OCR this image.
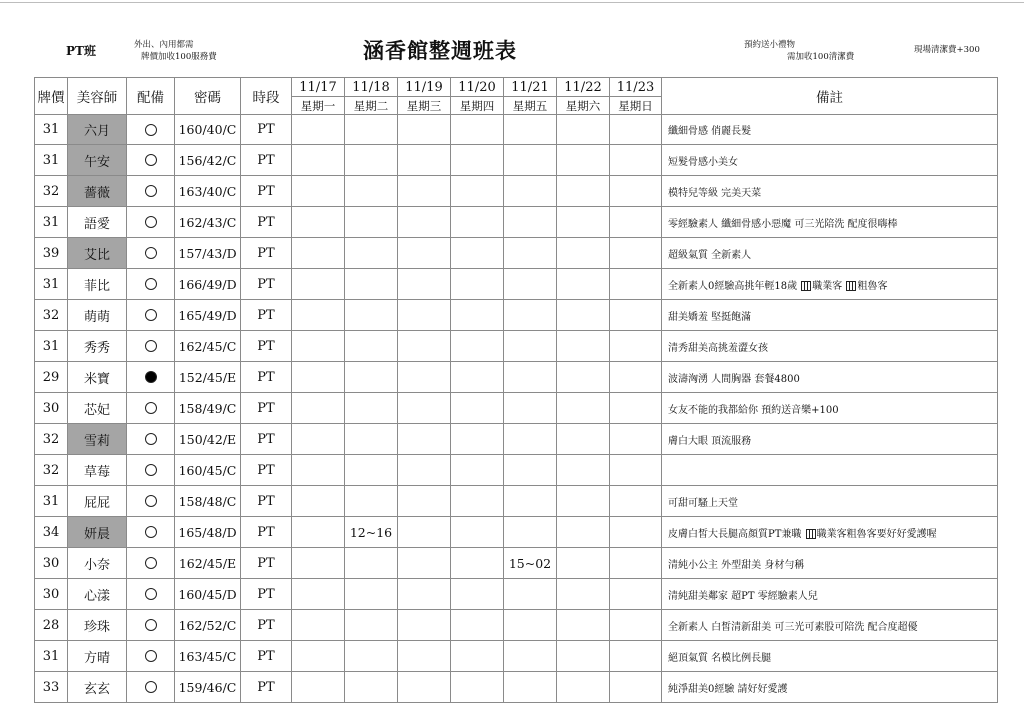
PT班	外出、內用都需
牌價加收100服務費	涵香館整週班表	預約送小禮物
需加收100清潔費
現場清潔費+300
牌價	美容師	配備	密碼	時段	11/17	11/18	11/19	11/20	11/21	11/22	11/23	備註
					星期一	星期二	星期三	星期四	星期五	星期六	星期日	
31	六月		160/40/C	PT								纖細骨感 俏麗長髮
31	午安		156/42/C	PT								短髮骨感小美女
32	薔薇		163/40/C	PT								模特兒等級 完美天菜
31	語愛		162/43/C	PT								零經驗素人 纖細骨感小惡魔 可三光陪洗 配度很嗨棒
39	艾比		157/43/D	PT								超級氣質 全新素人
31	菲比		166/49/D	PT								全新素人0經驗高挑年輕18歲 職業客 粗魯客
32	萌萌		165/49/D	PT								甜美嬌羞 堅挺飽滿
31	秀秀		162/45/C	PT								清秀甜美高挑羞澀女孩
29	米寶		152/45/E	PT								波濤洶湧 人間胸器 套餐4800
30	芯妃		158/49/C	PT								女友不能的我都給你 預約送音樂+100
32	雪莉		150/42/E	PT								膚白大眼 頂流服務
32	草莓		160/45/C	PT								
31	屁屁		158/48/C	PT								可甜可騷上天堂
34	妍晨		165/48/D	PT		12~16						皮膚白皙大長腿高顏質PT兼職 職業客粗魯客要好好愛護喔
30	小奈		162/45/E	PT					15~02			清純小公主 外型甜美 身材勻稱
30	心漾		160/45/D	PT								清純甜美鄰家 超PT 零經驗素人兒
28	珍珠		162/52/C	PT								全新素人 白皙清新甜美 可三光可素股可陪洗 配合度超優
31	方晴		163/45/C	PT								絕頂氣質 名模比例長腿
33	玄玄		159/46/C	PT								純淨甜美0經驗 請好好愛護
